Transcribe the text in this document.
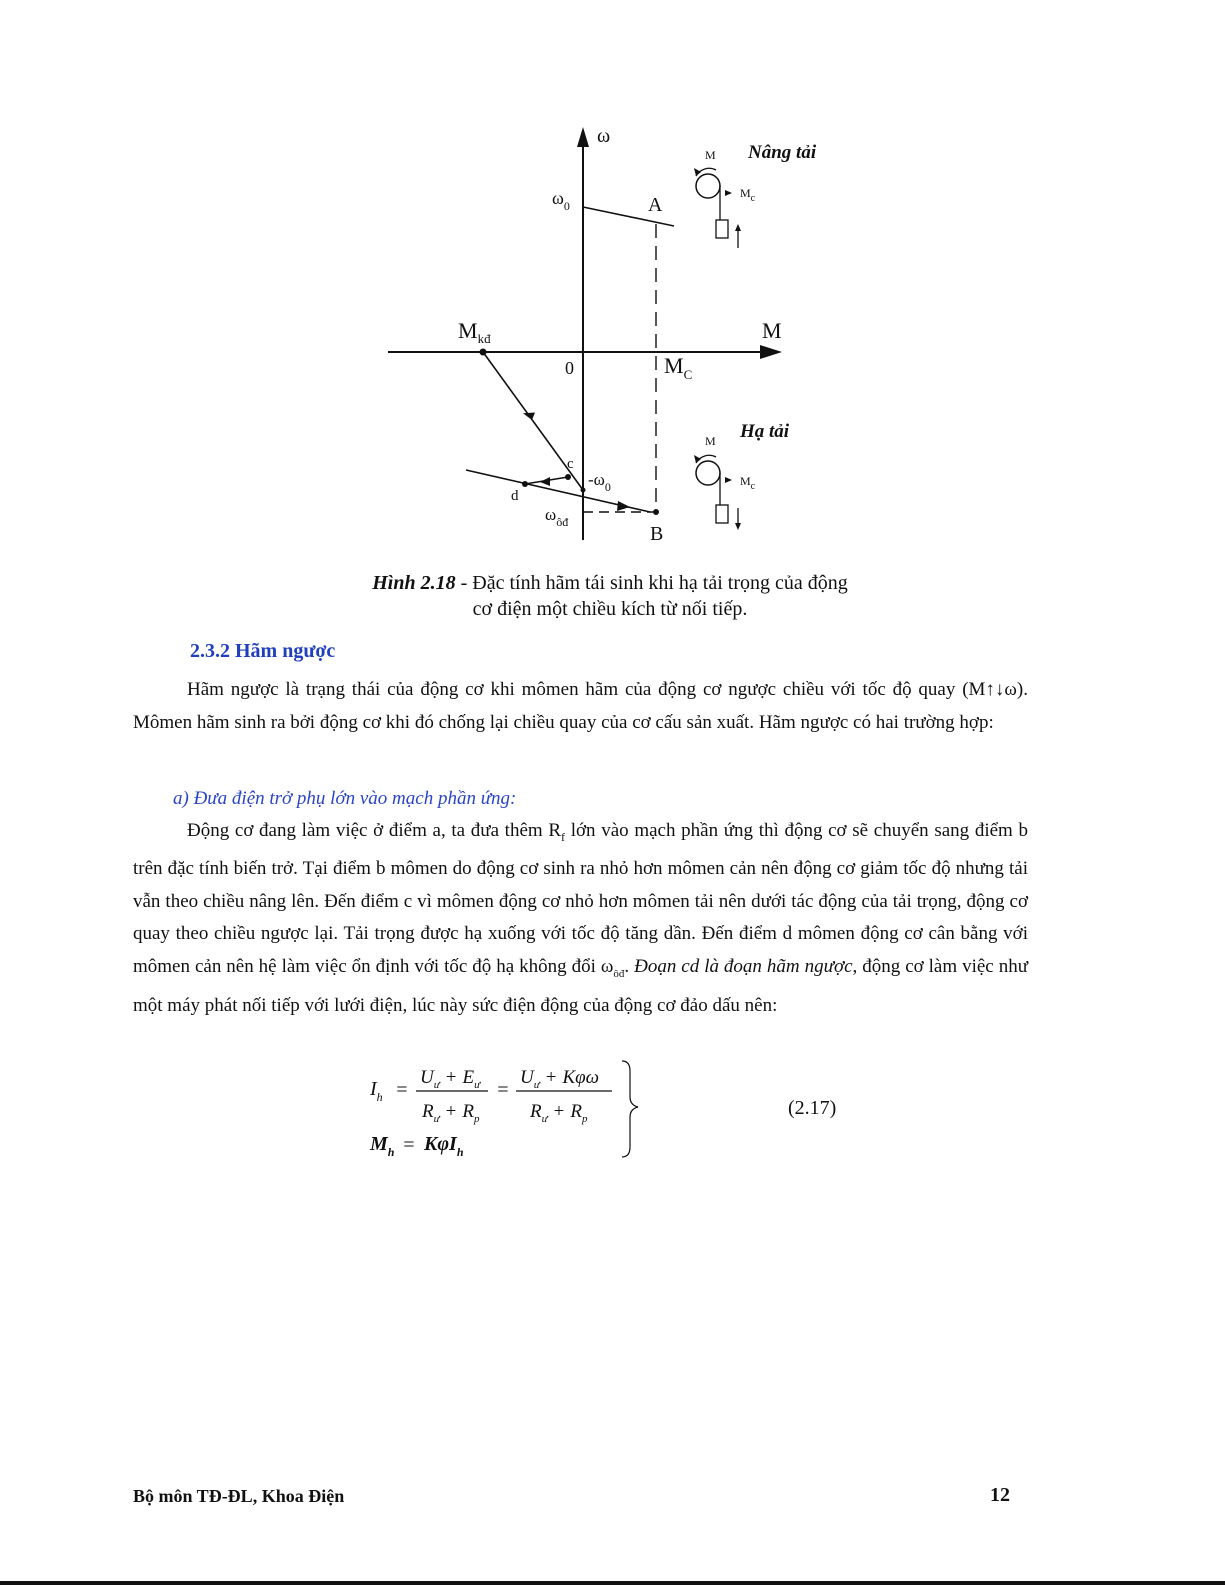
ω
M
$\omega_0$	A
$M_{kđ}$
0	$M_C$
c
d
$-\omega_0$
$\omega_{ôđ}$
B
M
$M_c$
Nâng tải
M
$M_c$
Hạ tải
Hình 2.18 - Đặc tính hãm tái sinh khi hạ tải trọng của động
cơ điện một chiều kích từ nối tiếp.
2.3.2 Hãm ngược
Hãm ngược là trạng thái của động cơ khi mômen hãm của động cơ ngược chiều với tốc độ quay (M↑↓ω). Mômen hãm sinh ra bởi động cơ khi đó chống lại chiều quay của cơ cấu sản xuất. Hãm ngược có hai trường hợp:
a) Đưa điện trở phụ lớn vào mạch phần ứng:
Động cơ đang làm việc ở điểm a, ta đưa thêm $R_f$ lớn vào mạch phần ứng thì động cơ sẽ chuyển sang điểm b trên đặc tính biến trở. Tại điểm b mômen do động cơ sinh ra nhỏ hơn mômen cản nên động cơ giảm tốc độ nhưng tải vẫn theo chiều nâng lên. Đến điểm c vì mômen động cơ nhỏ hơn mômen tải nên dưới tác động của tải trọng, động cơ quay theo chiều ngược lại. Tải trọng được hạ xuống với tốc độ tăng dần. Đến điểm d mômen động cơ cân bằng với mômen cản nên hệ làm việc ổn định với tốc độ hạ không đổi $\omega_{ôđ}$. Đoạn cd là đoạn hãm ngược, động cơ làm việc như một máy phát nối tiếp với lưới điện, lúc này sức điện động của động cơ đảo dấu nên:
$I_h$ =
$U_ư + E_ư$
$R_ư + R_p$
=
$U_ư + K\varphi\omega$
$R_ư + R_p$
$M_h = K\varphi I_h$
(2.17)
Bộ môn TĐ-ĐL, Khoa Điện	12
